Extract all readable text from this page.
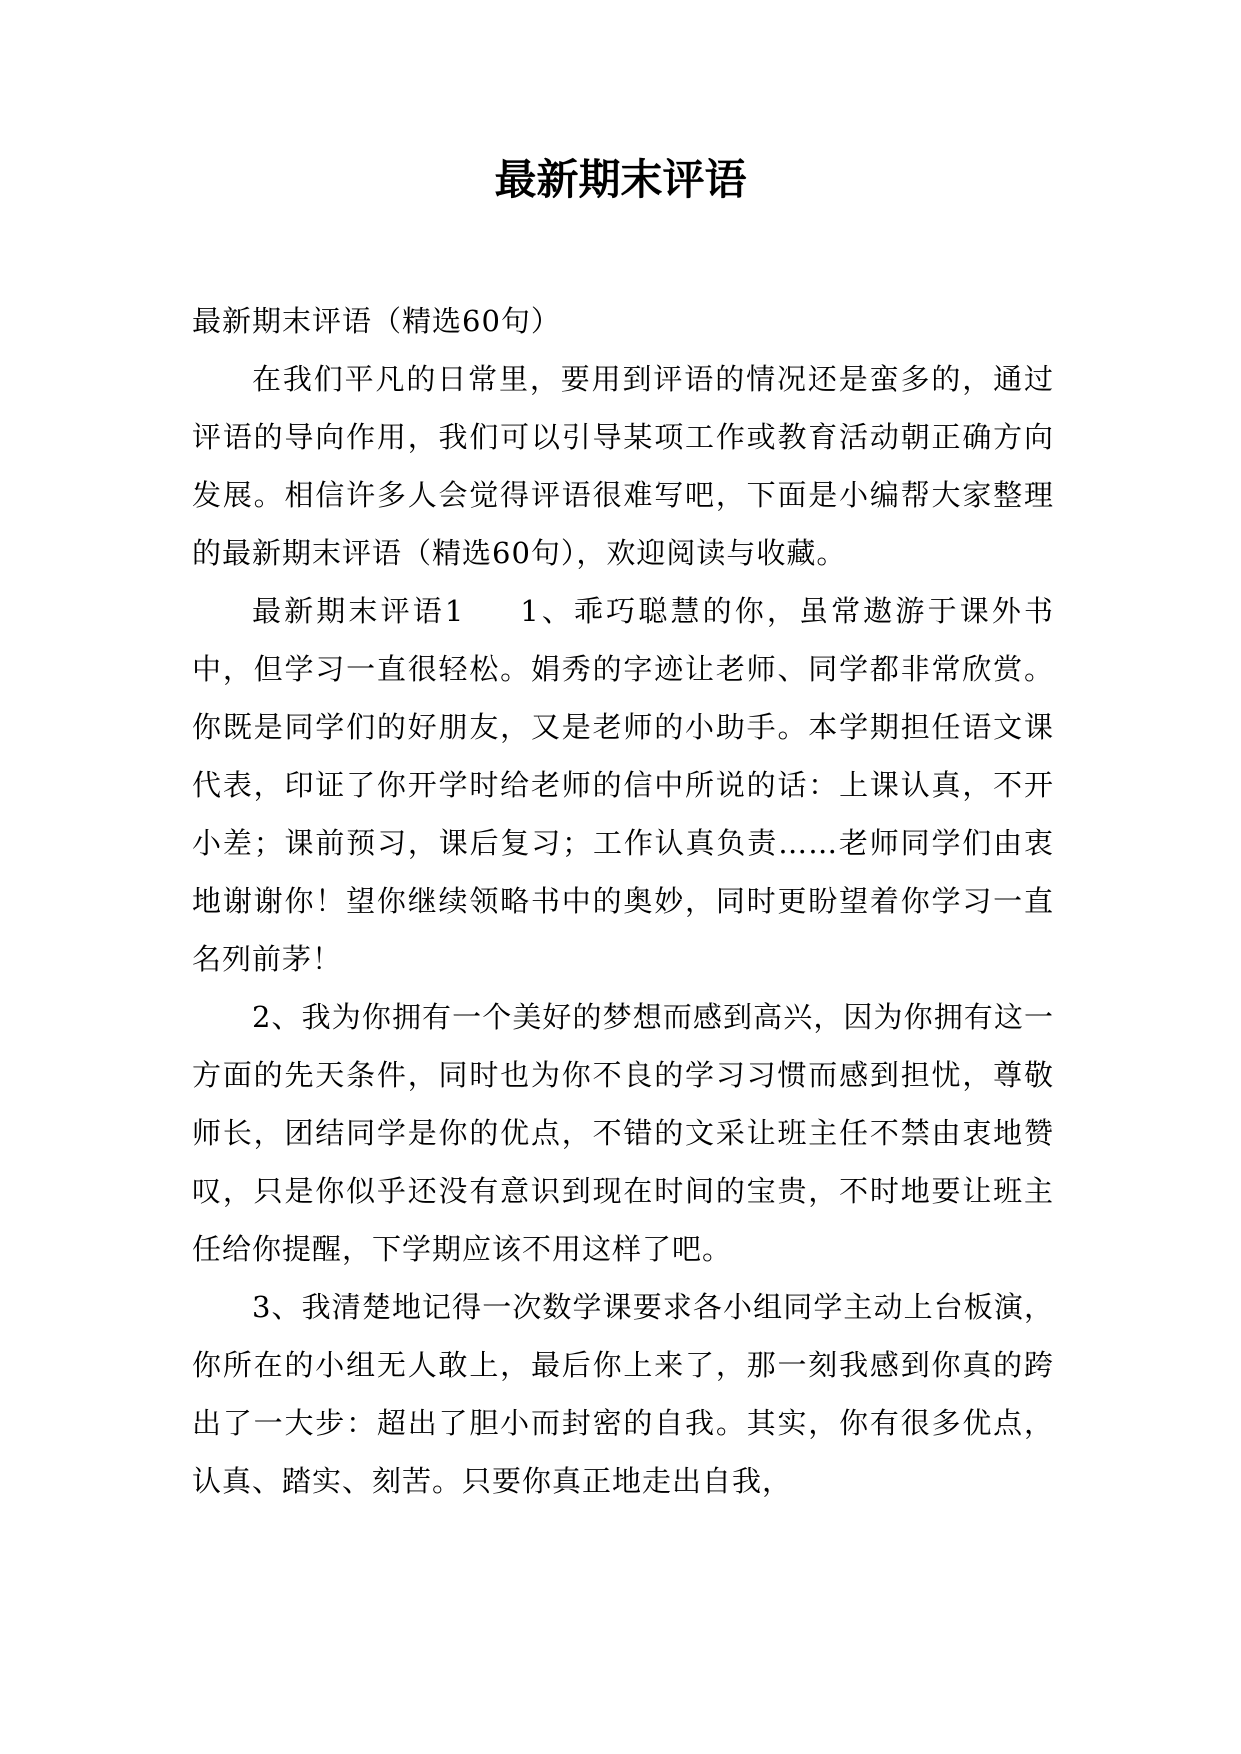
最新期末评语

最新期末评语（精选60句）

在我们平凡的日常里，要用到评语的情况还是蛮多的，通过评语的导向作用，我们可以引导某项工作或教育活动朝正确方向发展。相信许多人会觉得评语很难写吧，下面是小编帮大家整理的最新期末评语（精选60句），欢迎阅读与收藏。

最新期末评语1 1、乖巧聪慧的你，虽常遨游于课外书中，但学习一直很轻松。娟秀的字迹让老师、同学都非常欣赏。你既是同学们的好朋友，又是老师的小助手。本学期担任语文课代表，印证了你开学时给老师的信中所说的话：上课认真，不开小差；课前预习，课后复习；工作认真负责……老师同学们由衷地谢谢你！望你继续领略书中的奥妙，同时更盼望着你学习一直名列前茅！

2、我为你拥有一个美好的梦想而感到高兴，因为你拥有这一方面的先天条件，同时也为你不良的学习习惯而感到担忧，尊敬师长，团结同学是你的优点，不错的文采让班主任不禁由衷地赞叹，只是你似乎还没有意识到现在时间的宝贵，不时地要让班主任给你提醒，下学期应该不用这样了吧。

3、我清楚地记得一次数学课要求各小组同学主动上台板演，你所在的小组无人敢上，最后你上来了，那一刻我感到你真的跨出了一大步：超出了胆小而封密的自我。其实，你有很多优点，认真、踏实、刻苦。只要你真正地走出自我，
